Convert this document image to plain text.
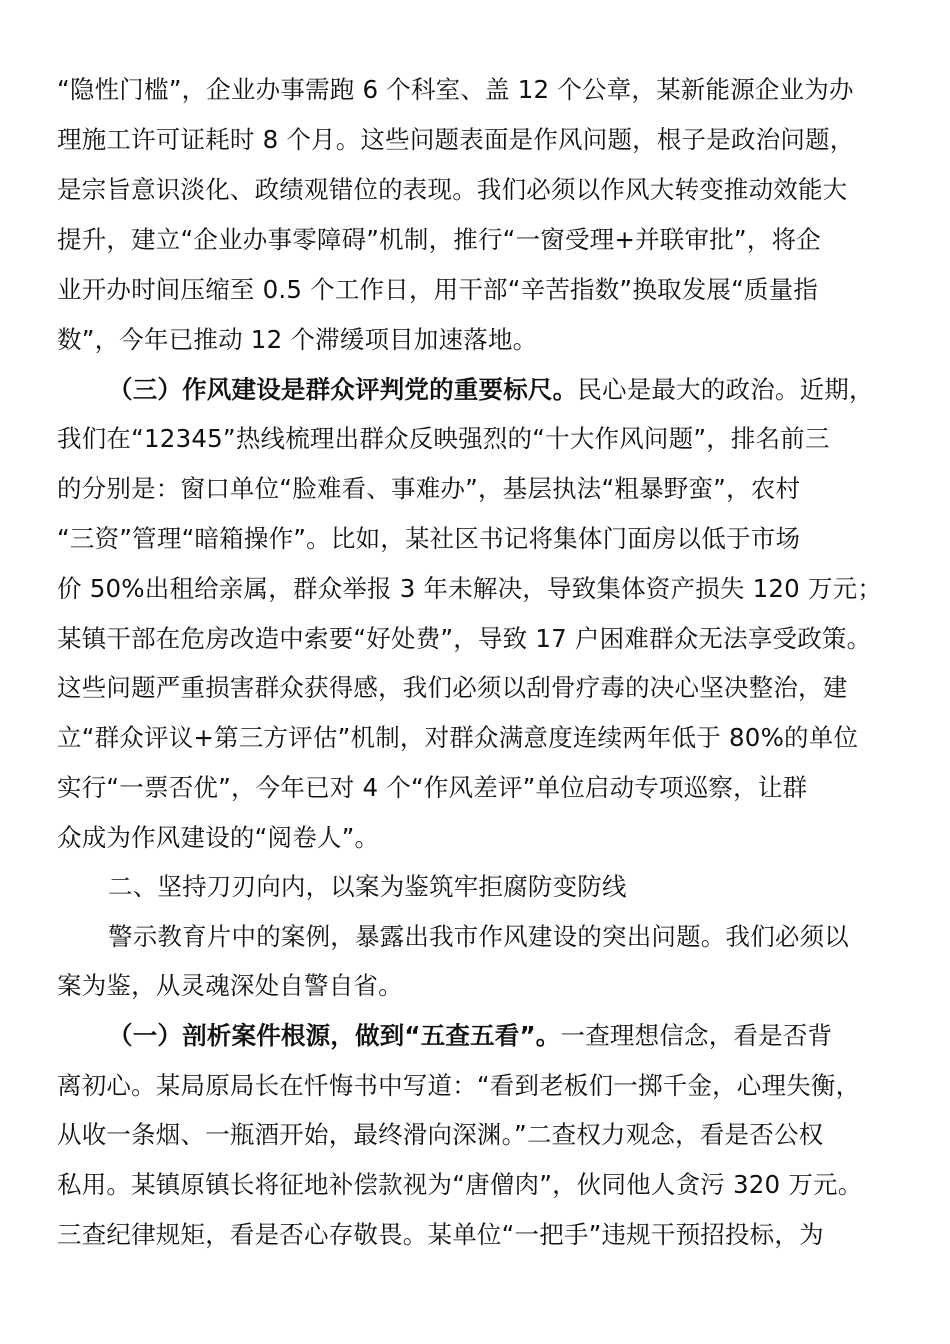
“隐性门槛”，企业办事需跑 6 个科室、盖 12 个公章，某新能源企业为办
理施工许可证耗时 8 个月。这些问题表面是作风问题，根子是政治问题，
是宗旨意识淡化、政绩观错位的表现。我们必须以作风大转变推动效能大
提升，建立“企业办事零障碍”机制，推行“一窗受理+并联审批”，将企
业开办时间压缩至 0.5 个工作日，用干部“辛苦指数”换取发展“质量指
数”，今年已推动 12 个滞缓项目加速落地。
（三）作风建设是群众评判党的重要标尺。民心是最大的政治。近期，
我们在“12345”热线梳理出群众反映强烈的“十大作风问题”，排名前三
的分别是：窗口单位“脸难看、事难办”，基层执法“粗暴野蛮”，农村
“三资”管理“暗箱操作”。比如，某社区书记将集体门面房以低于市场
价 50%出租给亲属，群众举报 3 年未解决，导致集体资产损失 120 万元；
某镇干部在危房改造中索要“好处费”，导致 17 户困难群众无法享受政策。
这些问题严重损害群众获得感，我们必须以刮骨疗毒的决心坚决整治，建
立“群众评议+第三方评估”机制，对群众满意度连续两年低于 80%的单位
实行“一票否优”，今年已对 4 个“作风差评”单位启动专项巡察，让群
众成为作风建设的“阅卷人”。
二、坚持刀刃向内，以案为鉴筑牢拒腐防变防线
警示教育片中的案例，暴露出我市作风建设的突出问题。我们必须以
案为鉴，从灵魂深处自警自省。
（一）剖析案件根源，做到“五查五看”。一查理想信念，看是否背
离初心。某局原局长在忏悔书中写道：“看到老板们一掷千金，心理失衡，
从收一条烟、一瓶酒开始，最终滑向深渊。”二查权力观念，看是否公权
私用。某镇原镇长将征地补偿款视为“唐僧肉”，伙同他人贪污 320 万元。
三查纪律规矩，看是否心存敬畏。某单位“一把手”违规干预招投标，为
